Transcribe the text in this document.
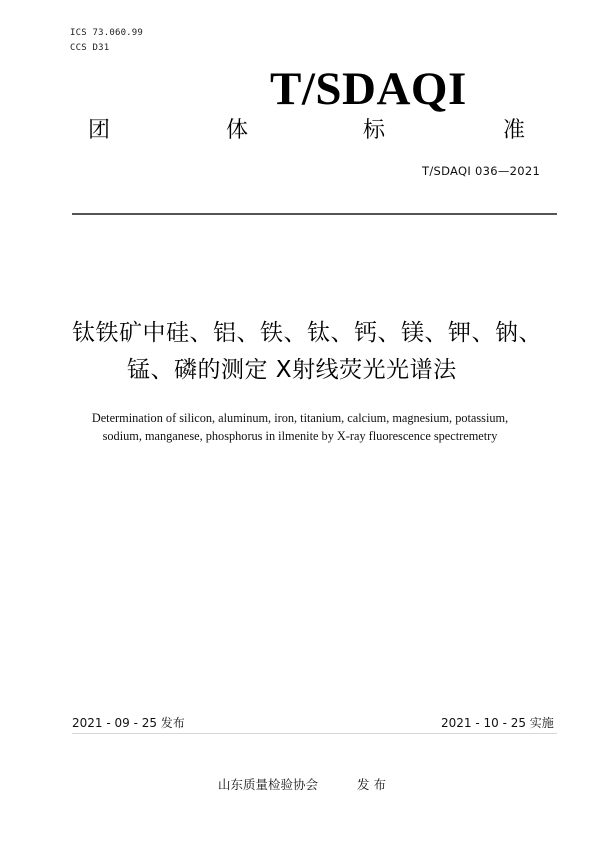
ICS 73.060.99
CCS D31
T/SDAQI
团	体	标	准
T/SDAQI 036—2021
钛铁矿中硅、铝、铁、钛、钙、镁、钾、钠、
锰、磷的测定 X射线荧光光谱法
Determination of silicon, aluminum, iron, titanium, calcium, magnesium, potassium,
sodium, manganese, phosphorus in ilmenite by X-ray fluorescence spectremetry
2021 - 09 - 25 发布	2021 - 10 - 25 实施
山东质量检验协会	发 布
